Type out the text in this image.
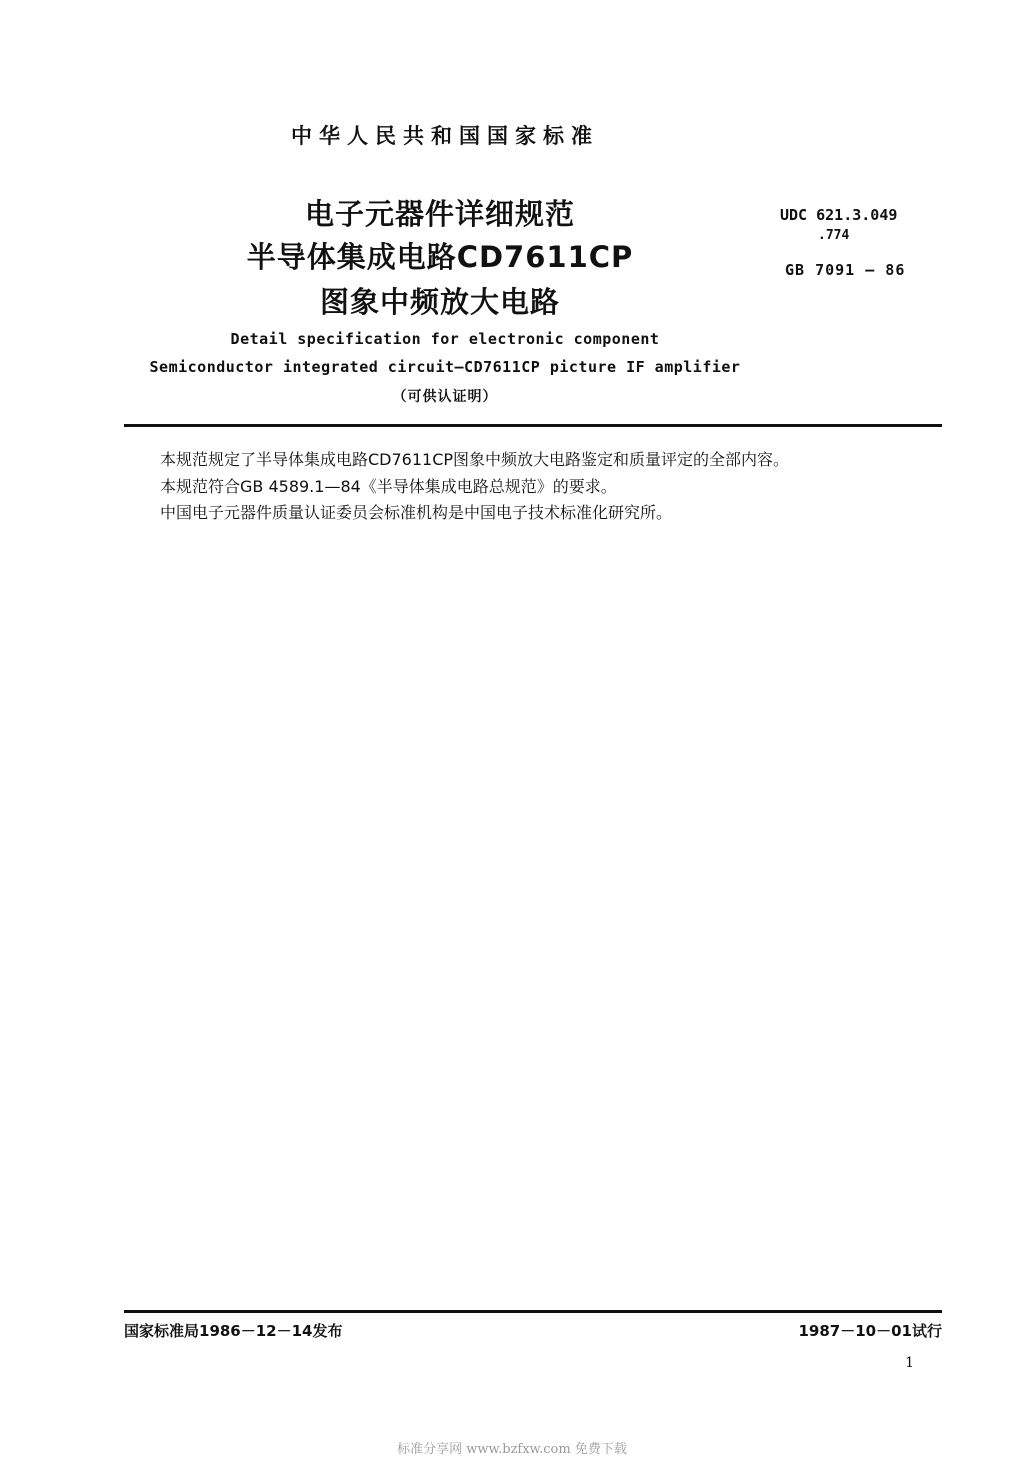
中华人民共和国国家标准
电子元器件详细规范
半导体集成电路CD7611CP
图象中频放大电路
UDC 621.3.049
.774
GB 7091 — 86
Detail specification for electronic component
Semiconductor integrated circuit—CD7611CP picture IF amplifier
（可供认证明）
本规范规定了半导体集成电路CD7611CP图象中频放大电路鉴定和质量评定的全部内容。
本规范符合GB 4589.1—84《半导体集成电路总规范》的要求。
中国电子元器件质量认证委员会标准机构是中国电子技术标准化研究所。
国家标准局1986－12－14发布	1987－10－01试行
1
标准分享网 www.bzfxw.com 免费下载
